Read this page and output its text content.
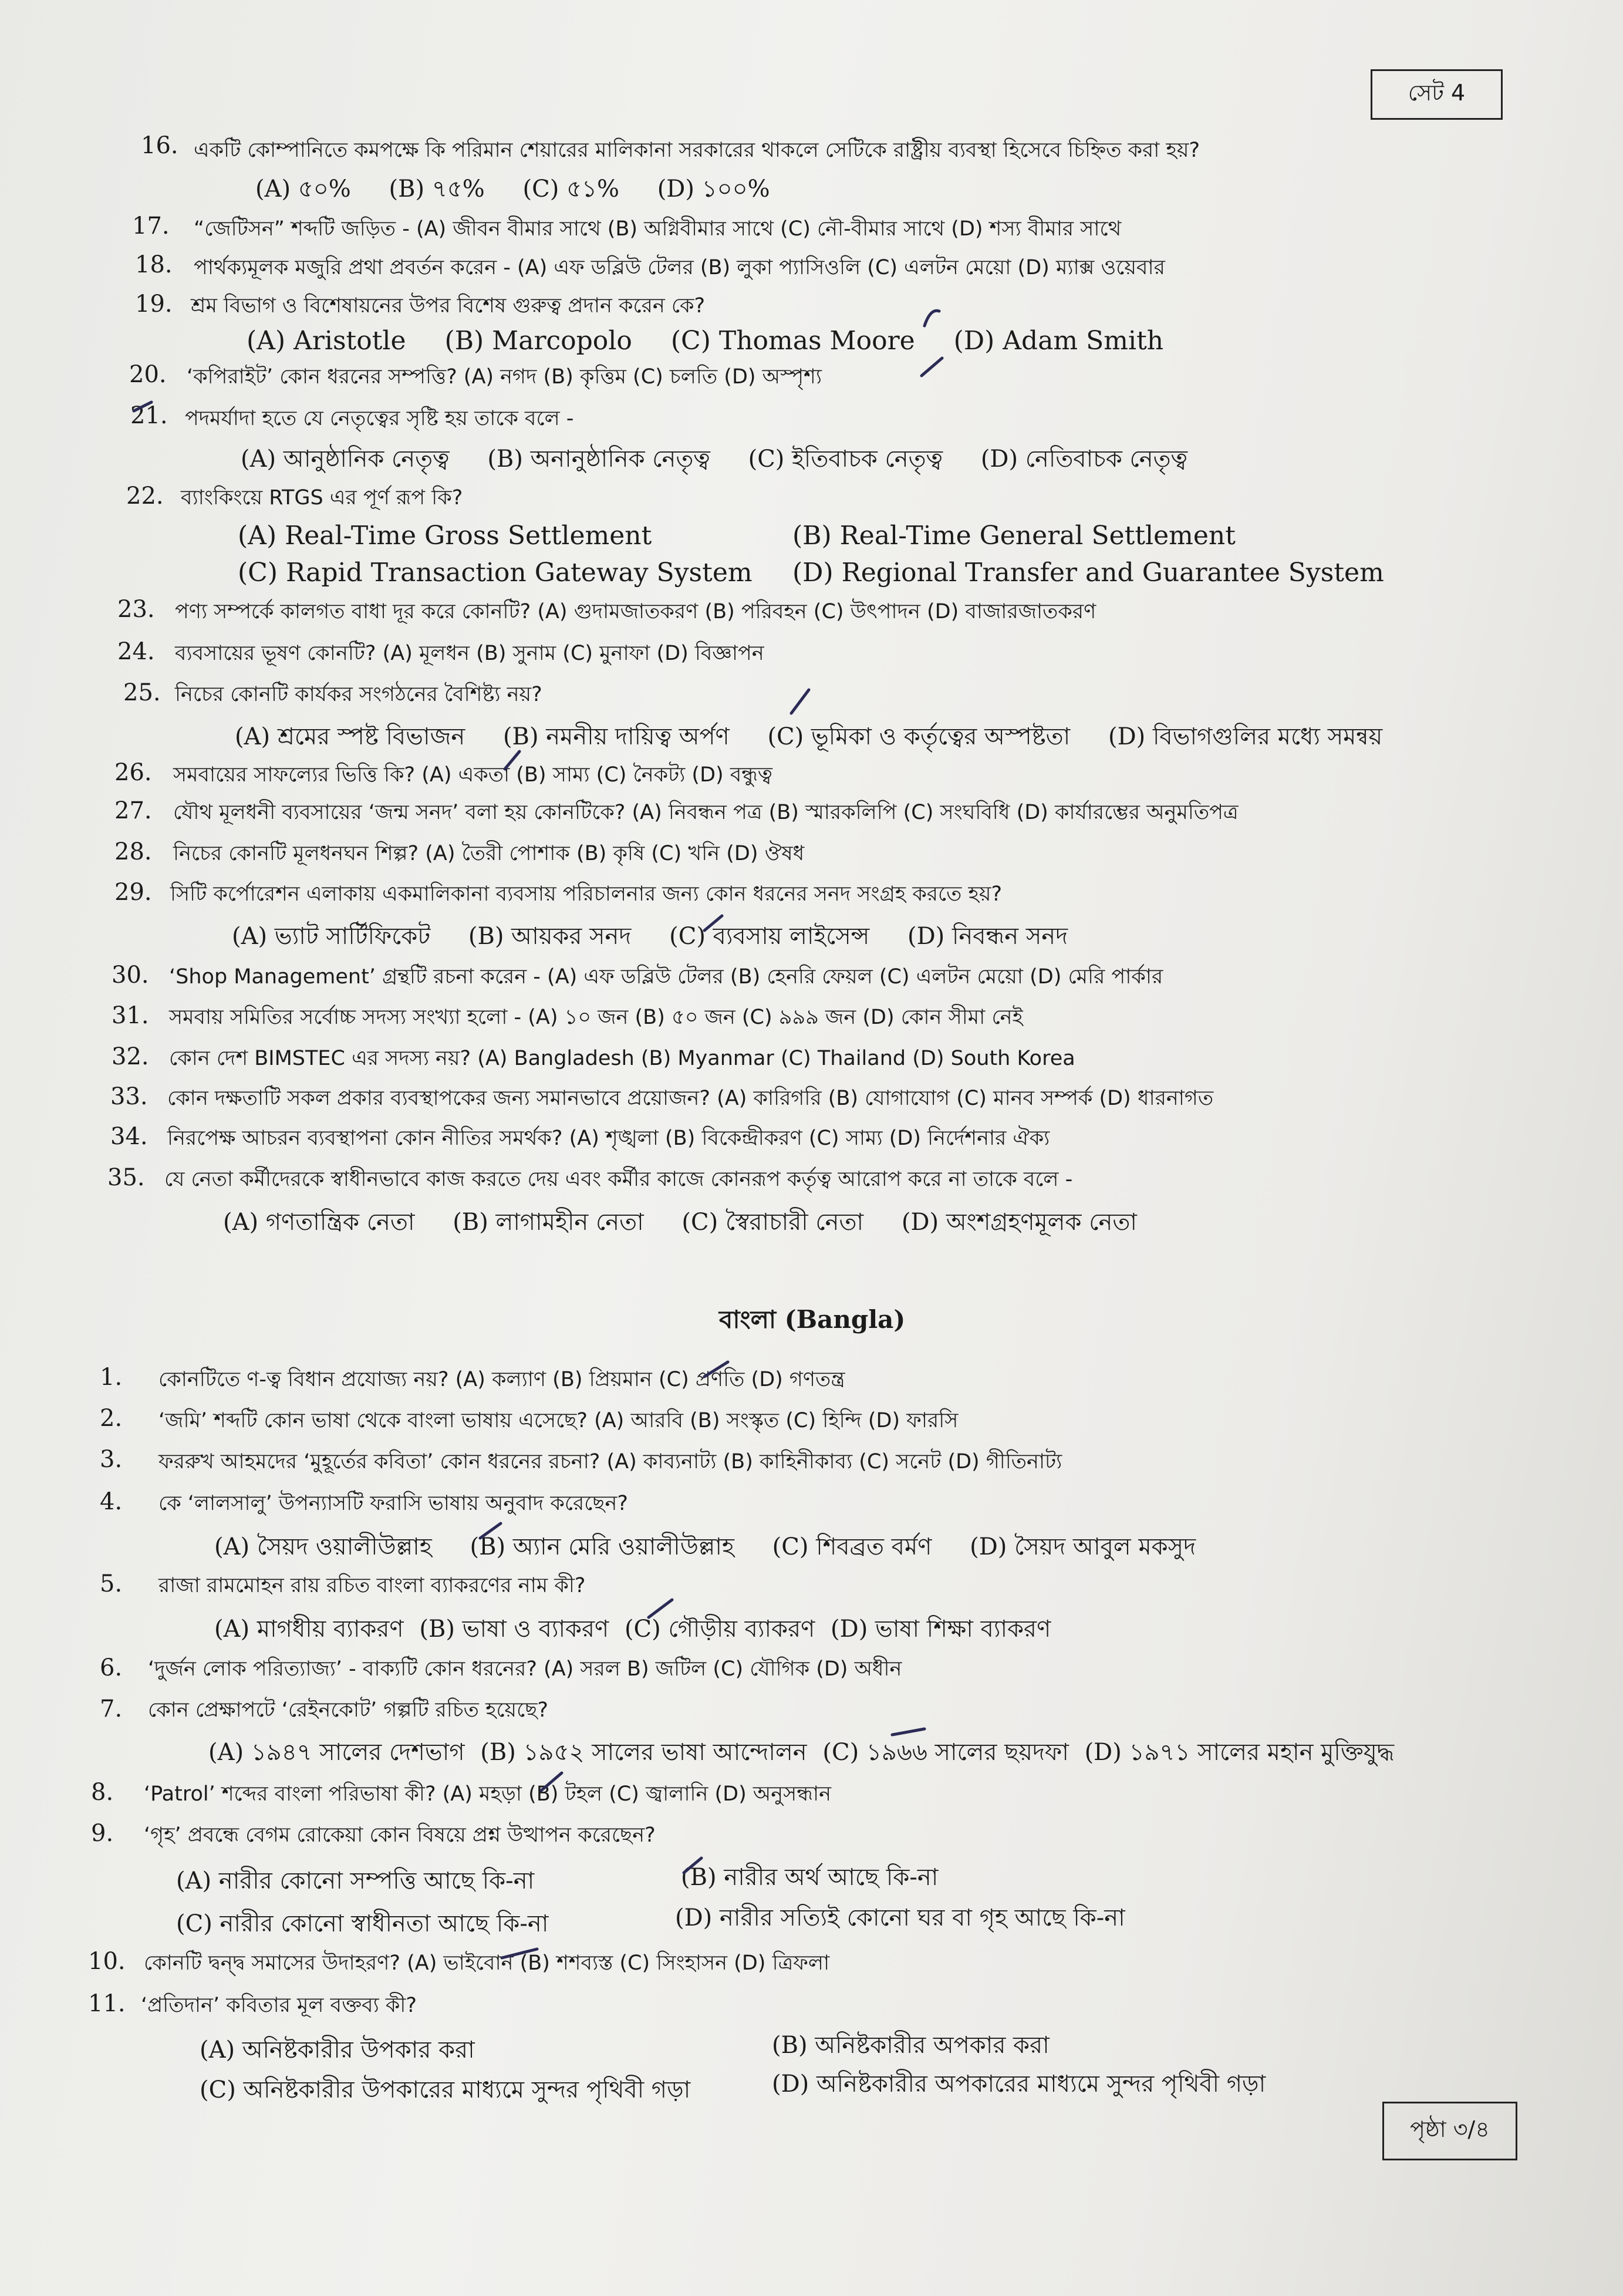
সেট 4
16. একটি কোম্পানিতে কমপক্ষে কি পরিমান শেয়ারের মালিকানা সরকারের থাকলে সেটিকে রাষ্ট্রীয় ব্যবস্থা হিসেবে চিহ্নিত করা হয়?
(A) ৫০% (B) ৭৫% (C) ৫১% (D) ১০০%
17. “জেটিসন” শব্দটি জড়িত - (A) জীবন বীমার সাথে (B) অগ্নিবীমার সাথে (C) নৌ-বীমার সাথে (D) শস্য বীমার সাথে
18. পার্থক্যমূলক মজুরি প্রথা প্রবর্তন করেন - (A) এফ ডব্লিউ টেলর (B) লুকা প্যাসিওলি (C) এলটন মেয়ো (D) ম্যাক্স ওয়েবার
19. শ্রম বিভাগ ও বিশেষায়নের উপর বিশেষ গুরুত্ব প্রদান করেন কে?
(A) Aristotle (B) Marcopolo (C) Thomas Moore (D) Adam Smith
20. ‘কপিরাইট’ কোন ধরনের সম্পত্তি? (A) নগদ (B) কৃত্তিম (C) চলতি (D) অস্পৃশ্য
21. পদমর্যাদা হতে যে নেতৃত্বের সৃষ্টি হয় তাকে বলে -
(A) আনুষ্ঠানিক নেতৃত্ব (B) অনানুষ্ঠানিক নেতৃত্ব (C) ইতিবাচক নেতৃত্ব (D) নেতিবাচক নেতৃত্ব
22. ব্যাংকিংয়ে RTGS এর পূর্ণ রূপ কি?
(A) Real-Time Gross Settlement	(B) Real-Time General Settlement
(C) Rapid Transaction Gateway System (D) Regional Transfer and Guarantee System
23. পণ্য সম্পর্কে কালগত বাধা দূর করে কোনটি? (A) গুদামজাতকরণ (B) পরিবহন (C) উৎপাদন (D) বাজারজাতকরণ
24. ব্যবসায়ের ভূষণ কোনটি? (A) মূলধন (B) সুনাম (C) মুনাফা (D) বিজ্ঞাপন
25. নিচের কোনটি কার্যকর সংগঠনের বৈশিষ্ট্য নয়?
(A) শ্রমের স্পষ্ট বিভাজন (B) নমনীয় দায়িত্ব অর্পণ (C) ভূমিকা ও কর্তৃত্বের অস্পষ্টতা (D) বিভাগগুলির মধ্যে সমন্বয়
26. সমবায়ের সাফল্যের ভিত্তি কি? (A) একতা (B) সাম্য (C) নৈকট্য (D) বন্ধুত্ব
27. যৌথ মূলধনী ব্যবসায়ের ‘জন্ম সনদ’ বলা হয় কোনটিকে? (A) নিবন্ধন পত্র (B) স্মারকলিপি (C) সংঘবিধি (D) কার্যারম্ভের অনুমতিপত্র
28. নিচের কোনটি মূলধনঘন শিল্প? (A) তৈরী পোশাক (B) কৃষি (C) খনি (D) ঔষধ
29. সিটি কর্পোরেশন এলাকায় একমালিকানা ব্যবসায় পরিচালনার জন্য কোন ধরনের সনদ সংগ্রহ করতে হয়?
(A) ভ্যাট সার্টিফিকেট (B) আয়কর সনদ (C) ব্যবসায় লাইসেন্স (D) নিবন্ধন সনদ
30. ‘Shop Management’ গ্রন্থটি রচনা করেন - (A) এফ ডব্লিউ টেলর (B) হেনরি ফেয়ল (C) এলটন মেয়ো (D) মেরি পার্কার
31. সমবায় সমিতির সর্বোচ্চ সদস্য সংখ্যা হলো - (A) ১০ জন (B) ৫০ জন (C) ৯৯৯ জন (D) কোন সীমা নেই
32. কোন দেশ BIMSTEC এর সদস্য নয়? (A) Bangladesh (B) Myanmar (C) Thailand (D) South Korea
33. কোন দক্ষতাটি সকল প্রকার ব্যবস্থাপকের জন্য সমানভাবে প্রয়োজন? (A) কারিগরি (B) যোগাযোগ (C) মানব সম্পর্ক (D) ধারনাগত
34. নিরপেক্ষ আচরন ব্যবস্থাপনা কোন নীতির সমর্থক? (A) শৃঙ্খলা (B) বিকেন্দ্রীকরণ (C) সাম্য (D) নির্দেশনার ঐক্য
35. যে নেতা কর্মীদেরকে স্বাধীনভাবে কাজ করতে দেয় এবং কর্মীর কাজে কোনরূপ কর্তৃত্ব আরোপ করে না তাকে বলে -
(A) গণতান্ত্রিক নেতা (B) লাগামহীন নেতা (C) স্বৈরাচারী নেতা (D) অংশগ্রহণমূলক নেতা
বাংলা (Bangla)
1. কোনটিতে ণ-ত্ব বিধান প্রযোজ্য নয়? (A) কল্যাণ (B) প্রিয়মান (C) প্রণতি (D) গণতন্ত্র
2. ‘জমি’ শব্দটি কোন ভাষা থেকে বাংলা ভাষায় এসেছে? (A) আরবি (B) সংস্কৃত (C) হিন্দি (D) ফারসি
3. ফররুখ আহমদের ‘মুহূর্তের কবিতা’ কোন ধরনের রচনা? (A) কাব্যনাট্য (B) কাহিনীকাব্য (C) সনেট (D) গীতিনাট্য
4. কে ‘লালসালু’ উপন্যাসটি ফরাসি ভাষায় অনুবাদ করেছেন?
(A) সৈয়দ ওয়ালীউল্লাহ (B) অ্যান মেরি ওয়ালীউল্লাহ (C) শিবব্রত বর্মণ (D) সৈয়দ আবুল মকসুদ
5. রাজা রামমোহন রায় রচিত বাংলা ব্যাকরণের নাম কী?
(A) মাগধীয় ব্যাকরণ (B) ভাষা ও ব্যাকরণ (C) গৌড়ীয় ব্যাকরণ (D) ভাষা শিক্ষা ব্যাকরণ
6. ‘দুর্জন লোক পরিত্যাজ্য’ - বাক্যটি কোন ধরনের? (A) সরল B) জটিল (C) যৌগিক (D) অধীন
7. কোন প্রেক্ষাপটে ‘রেইনকোট’ গল্পটি রচিত হয়েছে?
(A) ১৯৪৭ সালের দেশভাগ (B) ১৯৫২ সালের ভাষা আন্দোলন (C) ১৯৬৬ সালের ছয়দফা (D) ১৯৭১ সালের মহান মুক্তিযুদ্ধ
8. ‘Patrol’ শব্দের বাংলা পরিভাষা কী? (A) মহড়া (B) টহল (C) জ্বালানি (D) অনুসন্ধান
9. ‘গৃহ’ প্রবন্ধে বেগম রোকেয়া কোন বিষয়ে প্রশ্ন উত্থাপন করেছেন?
(A) নারীর কোনো সম্পত্তি আছে কি-না	(B) নারীর অর্থ আছে কি-না
(C) নারীর কোনো স্বাধীনতা আছে কি-না	(D) নারীর সত্যিই কোনো ঘর বা গৃহ আছে কি-না
10. কোনটি দ্বন্দ্ব সমাসের উদাহরণ? (A) ভাইবোন (B) শশব্যস্ত (C) সিংহাসন (D) ত্রিফলা
11. ‘প্রতিদান’ কবিতার মূল বক্তব্য কী?
(A) অনিষ্টকারীর উপকার করা	(B) অনিষ্টকারীর অপকার করা
(C) অনিষ্টকারীর উপকারের মাধ্যমে সুন্দর পৃথিবী গড়া	(D) অনিষ্টকারীর অপকারের মাধ্যমে সুন্দর পৃথিবী গড়া
পৃষ্ঠা ৩/৪
